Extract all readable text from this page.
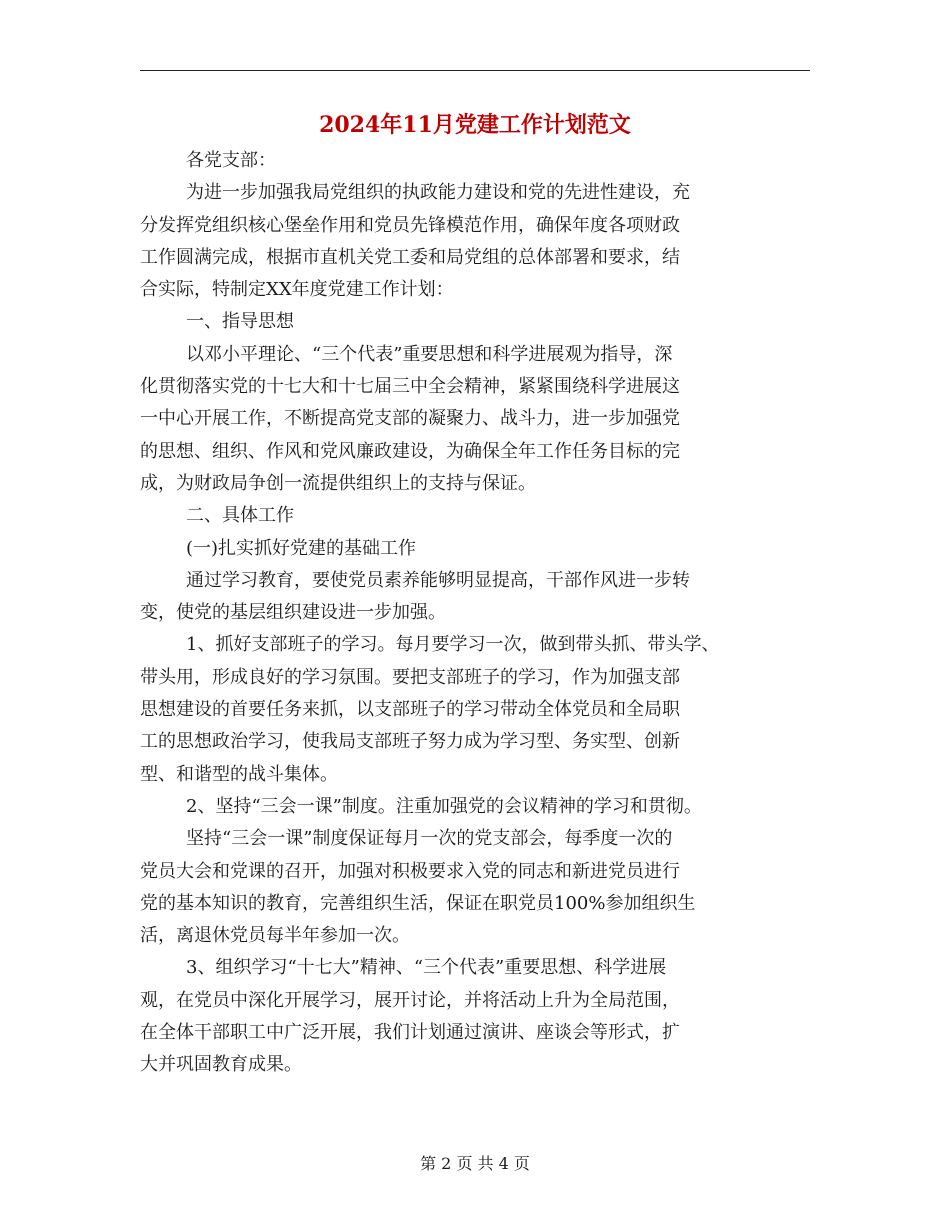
2024年11月党建工作计划范文
各党支部：
为进一步加强我局党组织的执政能力建设和党的先进性建设，充
分发挥党组织核心堡垒作用和党员先锋模范作用，确保年度各项财政
工作圆满完成，根据市直机关党工委和局党组的总体部署和要求，结
合实际，特制定XX年度党建工作计划：
一、指导思想
以邓小平理论、“三个代表”重要思想和科学进展观为指导，深
化贯彻落实党的十七大和十七届三中全会精神，紧紧围绕科学进展这
一中心开展工作，不断提高党支部的凝聚力、战斗力，进一步加强党
的思想、组织、作风和党风廉政建设，为确保全年工作任务目标的完
成，为财政局争创一流提供组织上的支持与保证。
二、具体工作
(一)扎实抓好党建的基础工作
通过学习教育，要使党员素养能够明显提高，干部作风进一步转
变，使党的基层组织建设进一步加强。
1、抓好支部班子的学习。每月要学习一次，做到带头抓、带头学、
带头用，形成良好的学习氛围。要把支部班子的学习，作为加强支部
思想建设的首要任务来抓，以支部班子的学习带动全体党员和全局职
工的思想政治学习，使我局支部班子努力成为学习型、务实型、创新
型、和谐型的战斗集体。
2、坚持“三会一课”制度。注重加强党的会议精神的学习和贯彻。
坚持“三会一课”制度保证每月一次的党支部会，每季度一次的
党员大会和党课的召开，加强对积极要求入党的同志和新进党员进行
党的基本知识的教育，完善组织生活，保证在职党员100%参加组织生
活，离退休党员每半年参加一次。
3、组织学习“十七大”精神、“三个代表”重要思想、科学进展
观，在党员中深化开展学习，展开讨论，并将活动上升为全局范围，
在全体干部职工中广泛开展，我们计划通过演讲、座谈会等形式，扩
大并巩固教育成果。
第 2 页 共 4 页
